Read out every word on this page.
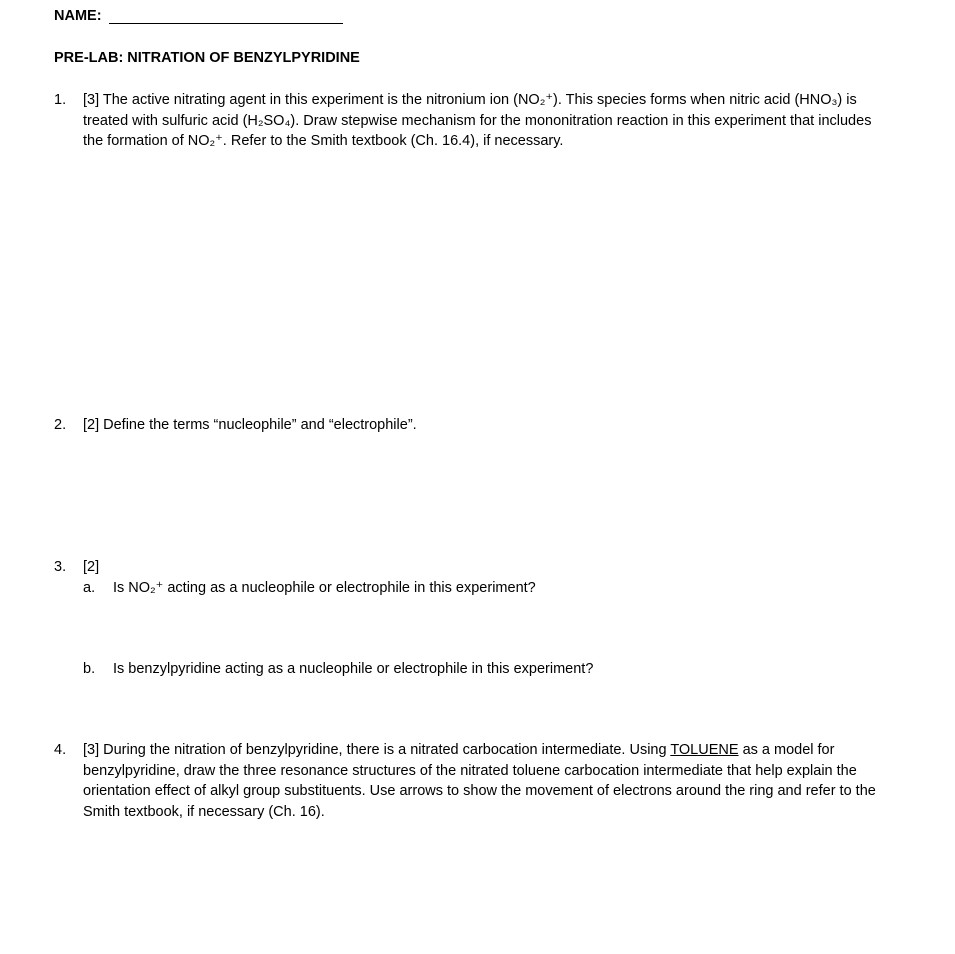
NAME:
PRE-LAB: NITRATION OF BENZYLPYRIDINE
1. [3] The active nitrating agent in this experiment is the nitronium ion (NO₂⁺). This species forms when nitric acid (HNO₃) is treated with sulfuric acid (H₂SO₄). Draw stepwise mechanism for the mononitration reaction in this experiment that includes the formation of NO₂⁺. Refer to the Smith textbook (Ch. 16.4), if necessary.
2. [2] Define the terms “nucleophile” and “electrophile”.
3. [2]
a. Is NO₂⁺ acting as a nucleophile or electrophile in this experiment?
b. Is benzylpyridine acting as a nucleophile or electrophile in this experiment?
4. [3] During the nitration of benzylpyridine, there is a nitrated carbocation intermediate. Using TOLUENE as a model for benzylpyridine, draw the three resonance structures of the nitrated toluene carbocation intermediate that help explain the orientation effect of alkyl group substituents. Use arrows to show the movement of electrons around the ring and refer to the Smith textbook, if necessary (Ch. 16).
